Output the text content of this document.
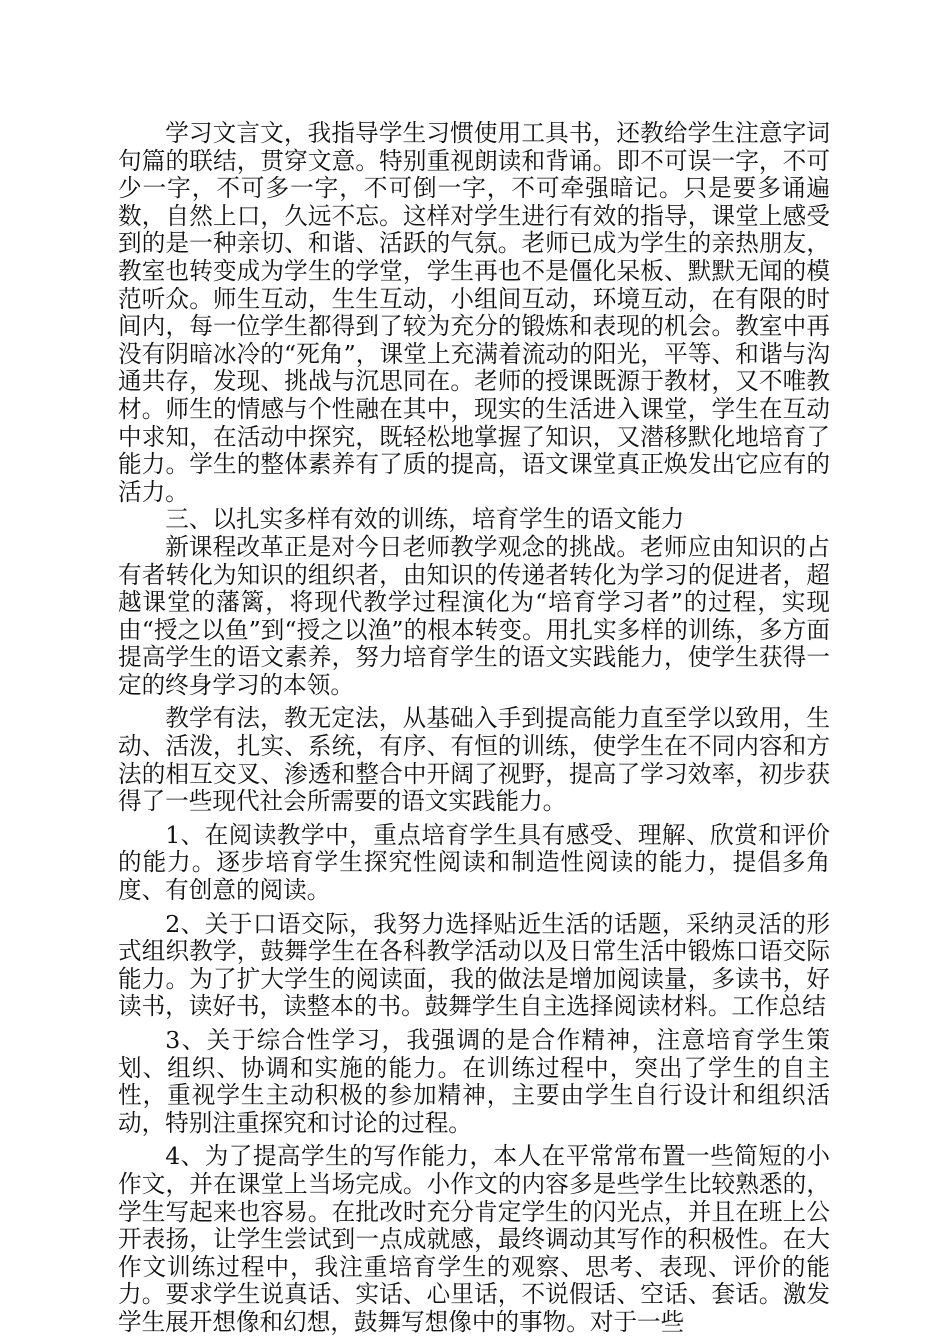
学习文言文，我指导学生习惯使用工具书，还教给学生注意字词句篇的联结，贯穿文意。特别重视朗读和背诵。即不可误一字，不可少一字，不可多一字，不可倒一字，不可牵强暗记。只是要多诵遍数，自然上口，久远不忘。这样对学生进行有效的指导，课堂上感受到的是一种亲切、和谐、活跃的气氛。老师已成为学生的亲热朋友，教室也转变成为学生的学堂，学生再也不是僵化呆板、默默无闻的模范听众。师生互动，生生互动，小组间互动，环境互动，在有限的时间内，每一位学生都得到了较为充分的锻炼和表现的机会。教室中再没有阴暗冰冷的“死角”，课堂上充满着流动的阳光，平等、和谐与沟通共存，发现、挑战与沉思同在。老师的授课既源于教材，又不唯教材。师生的情感与个性融在其中，现实的生活进入课堂，学生在互动中求知，在活动中探究，既轻松地掌握了知识，又潜移默化地培育了能力。学生的整体素养有了质的提高，语文课堂真正焕发出它应有的活力。

三、以扎实多样有效的训练，培育学生的语文能力

新课程改革正是对今日老师教学观念的挑战。老师应由知识的占有者转化为知识的组织者，由知识的传递者转化为学习的促进者，超越课堂的藩篱，将现代教学过程演化为“培育学习者”的过程，实现由“授之以鱼”到“授之以渔”的根本转变。用扎实多样的训练，多方面提高学生的语文素养，努力培育学生的语文实践能力，使学生获得一定的终身学习的本领。

教学有法，教无定法，从基础入手到提高能力直至学以致用，生动、活泼，扎实、系统，有序、有恒的训练，使学生在不同内容和方法的相互交叉、渗透和整合中开阔了视野，提高了学习效率，初步获得了一些现代社会所需要的语文实践能力。

1、在阅读教学中，重点培育学生具有感受、理解、欣赏和评价的能力。逐步培育学生探究性阅读和制造性阅读的能力，提倡多角度、有创意的阅读。

2、关于口语交际，我努力选择贴近生活的话题，采纳灵活的形式组织教学，鼓舞学生在各科教学活动以及日常生活中锻炼口语交际能力。为了扩大学生的阅读面，我的做法是增加阅读量，多读书，好读书，读好书，读整本的书。鼓舞学生自主选择阅读材料。工作总结

3、关于综合性学习，我强调的是合作精神，注意培育学生策划、组织、协调和实施的能力。在训练过程中，突出了学生的自主性，重视学生主动积极的参加精神，主要由学生自行设计和组织活动，特别注重探究和讨论的过程。

4、为了提高学生的写作能力，本人在平常常布置一些简短的小作文，并在课堂上当场完成。小作文的内容多是些学生比较熟悉的，学生写起来也容易。在批改时充分肯定学生的闪光点，并且在班上公开表扬，让学生尝试到一点成就感，最终调动其写作的积极性。在大作文训练过程中，我注重培育学生的观察、思考、表现、评价的能力。要求学生说真话、实话、心里话，不说假话、空话、套话。激发学生展开想像和幻想，鼓舞写想像中的事物。对于一些
